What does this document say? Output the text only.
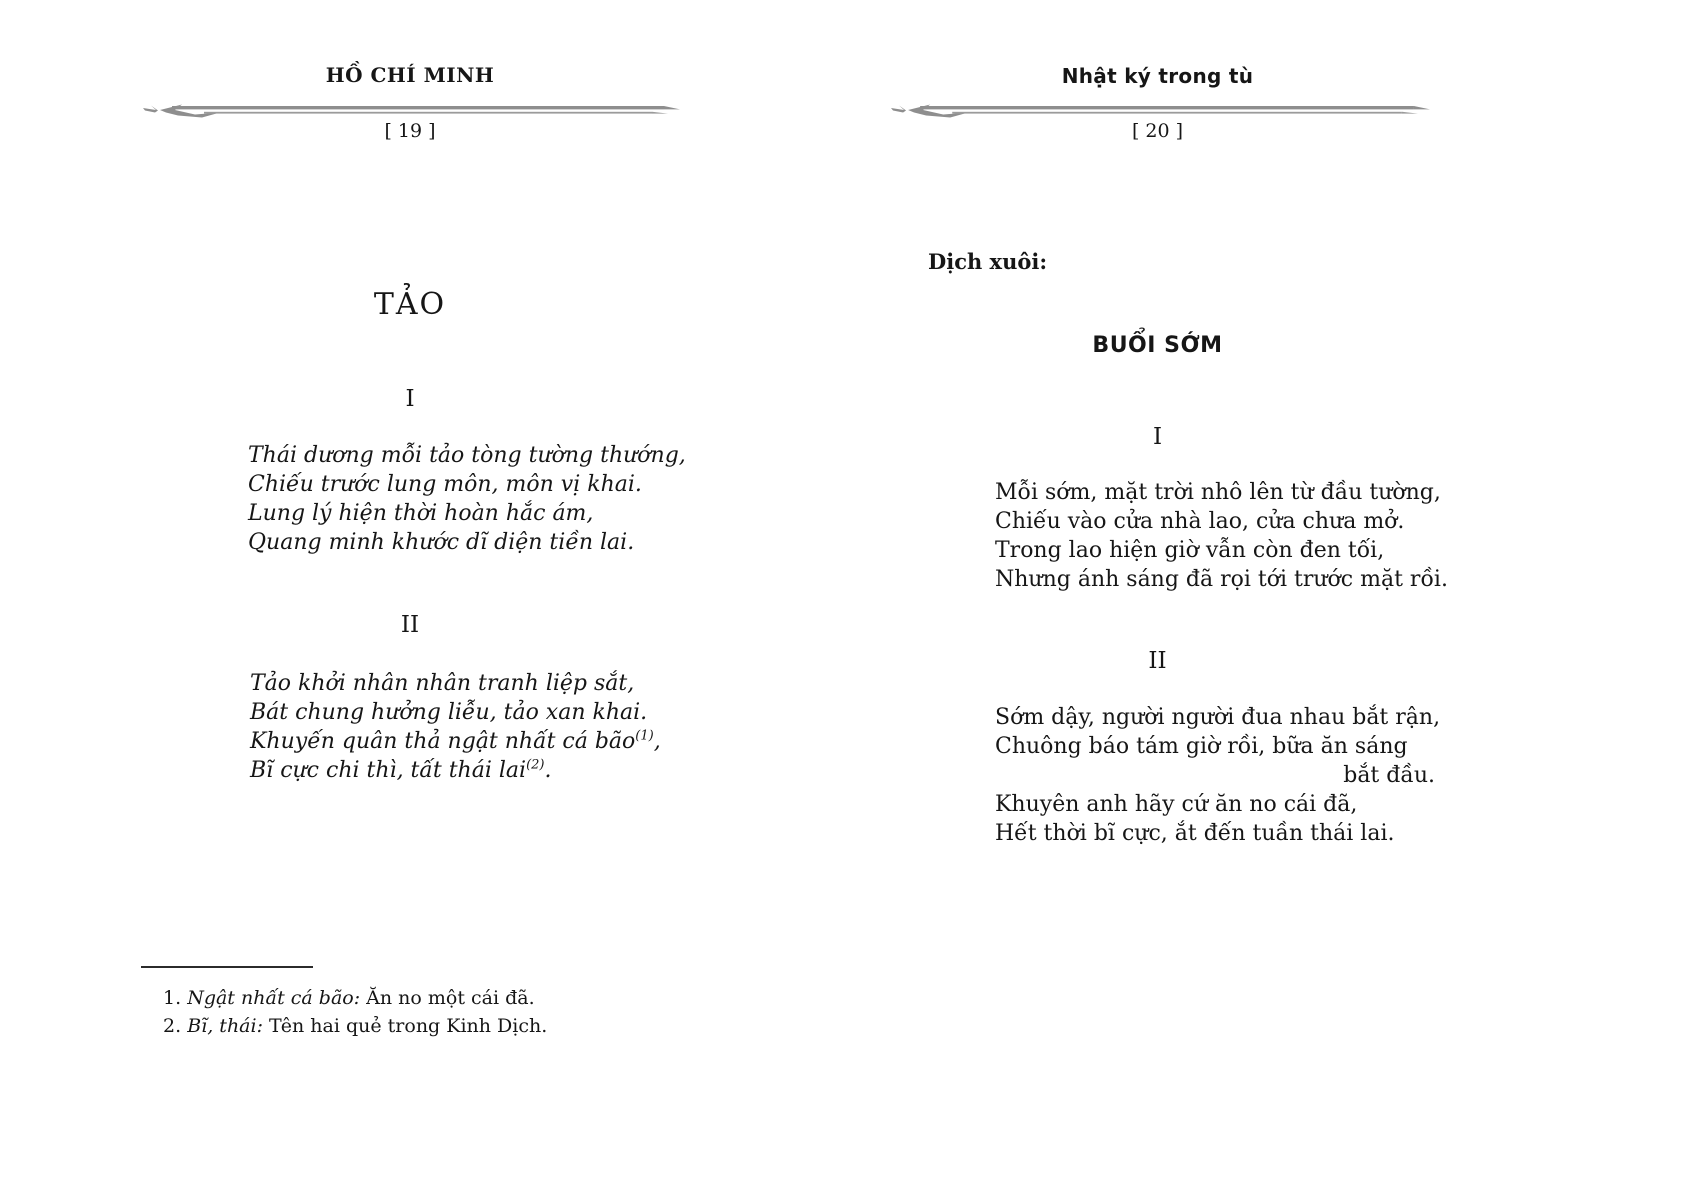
HỒ CHÍ MINH
[ 19 ]
TẢO
I
Thái dương mỗi tảo tòng tường thướng,
Chiếu trước lung môn, môn vị khai.
Lung lý hiện thời hoàn hắc ám,
Quang minh khước dĩ diện tiền lai.
II
Tảo khởi nhân nhân tranh liệp sắt,
Bát chung hưởng liễu, tảo xan khai.
Khuyến quân thả ngật nhất cá bão$^{(1)}$,
Bĩ cực chi thì, tất thái lai$^{(2)}$.
1. Ngật nhất cá bão: Ăn no một cái đã.
2. Bĩ, thái: Tên hai quẻ trong Kinh Dịch.
Nhật ký trong tù
[ 20 ]
Dịch xuôi:
BUỔI SỚM
I
Mỗi sớm, mặt trời nhô lên từ đầu tường,
Chiếu vào cửa nhà lao, cửa chưa mở.
Trong lao hiện giờ vẫn còn đen tối,
Nhưng ánh sáng đã rọi tới trước mặt rồi.
II
Sớm dậy, người người đua nhau bắt rận,
Chuông báo tám giờ rồi, bữa ăn sáng
bắt đầu.
Khuyên anh hãy cứ ăn no cái đã,
Hết thời bĩ cực, ắt đến tuần thái lai.
